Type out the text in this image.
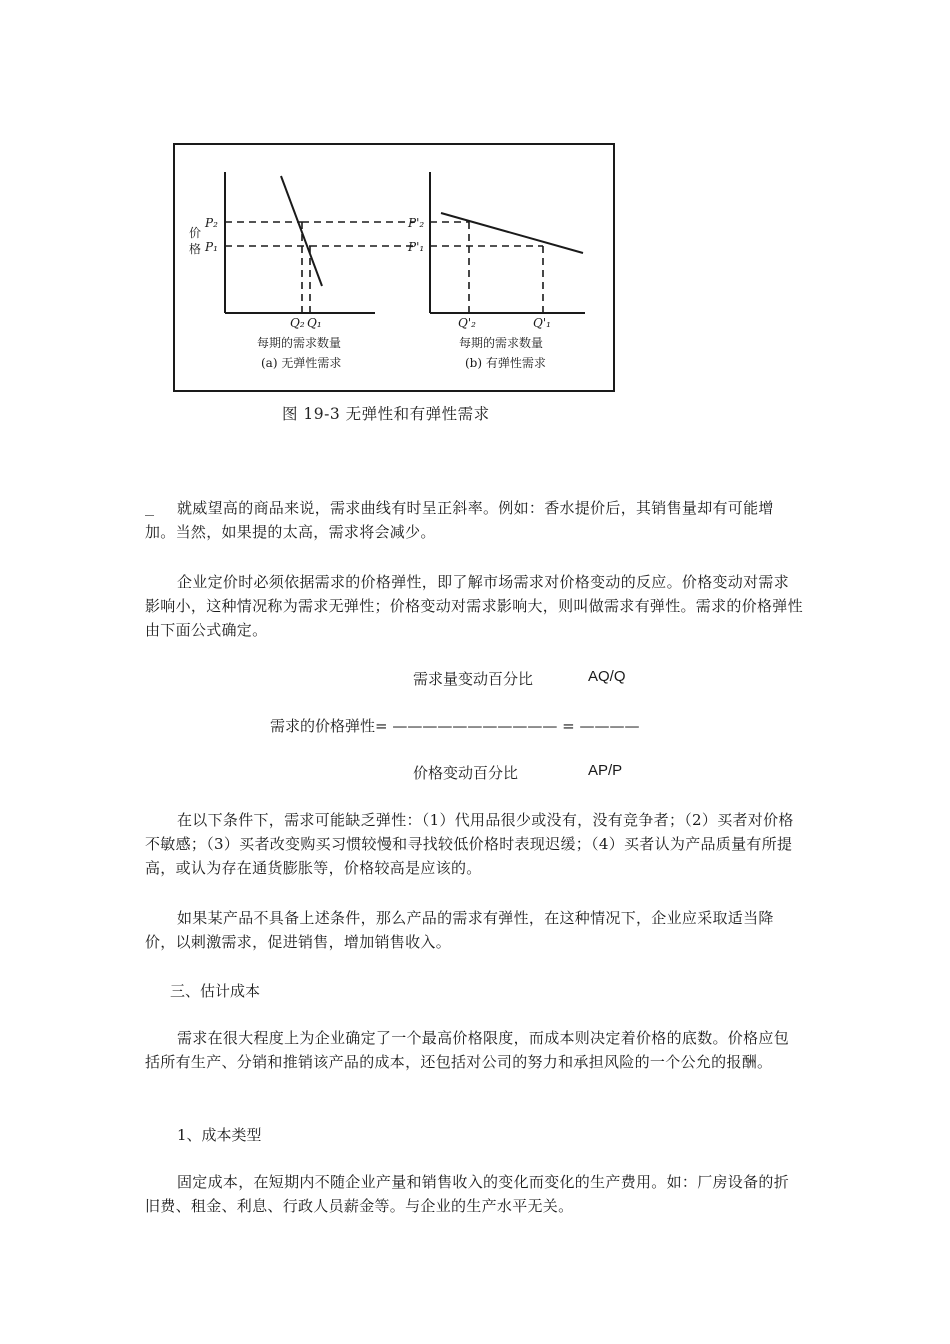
价
格
P₂
P₁
Q₂ Q₁
每期的需求数量
(a) 无弹性需求
P'₂
P'₁
Q'₂	Q'₁
每期的需求数量
(b) 有弹性需求
图 19-3 无弹性和有弹性需求
_	就威望高的商品来说，需求曲线有时呈正斜率。例如：香水提价后，其销售量却有可能增加。当然，如果提的太高，需求将会减少。

企业定价时必须依据需求的价格弹性，即了解市场需求对价格变动的反应。价格变动对需求影响小，这种情况称为需求无弹性；价格变动对需求影响大，则叫做需求有弹性。需求的价格弹性由下面公式确定。

需求量变动百分比	AQ/Q
需求的价格弹性= ——————————— = ————
价格变动百分比	AP/P

在以下条件下，需求可能缺乏弹性：（1）代用品很少或没有，没有竞争者；（2）买者对价格不敏感；（3）买者改变购买习惯较慢和寻找较低价格时表现迟缓；（4）买者认为产品质量有所提高，或认为存在通货膨胀等，价格较高是应该的。

如果某产品不具备上述条件，那么产品的需求有弹性，在这种情况下，企业应采取适当降价，以刺激需求，促进销售，增加销售收入。

三、估计成本

需求在很大程度上为企业确定了一个最高价格限度，而成本则决定着价格的底数。价格应包括所有生产、分销和推销该产品的成本，还包括对公司的努力和承担风险的一个公允的报酬。

1、成本类型

固定成本，在短期内不随企业产量和销售收入的变化而变化的生产费用。如：厂房设备的折旧费、租金、利息、行政人员薪金等。与企业的生产水平无关。
